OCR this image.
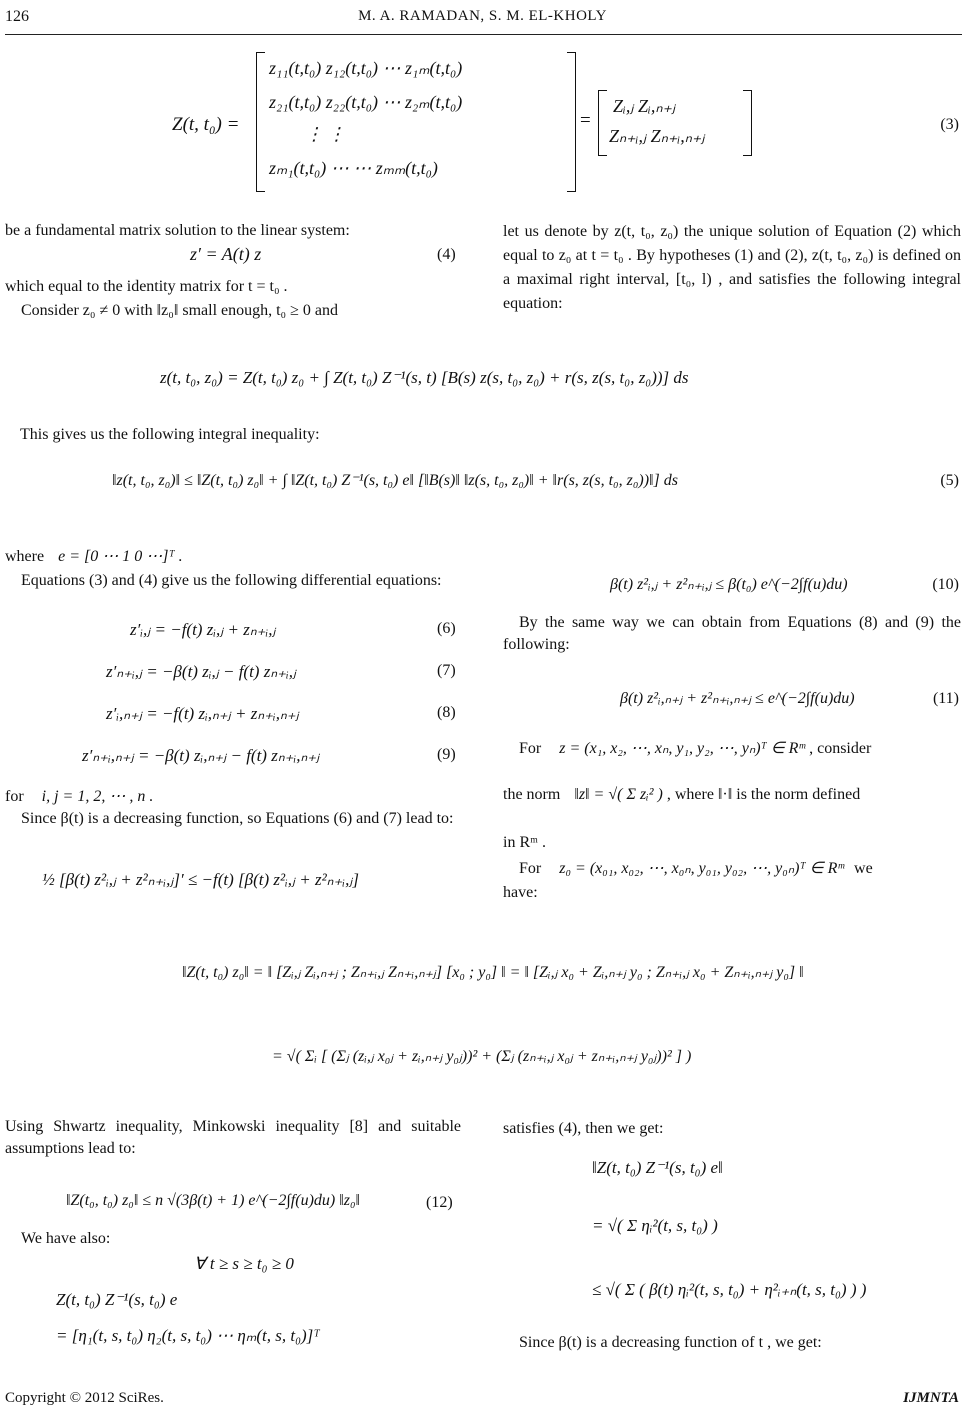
126	M. A. RAMADAN, S. M. EL-KHOLY
Z(t, t₀) =
z₁₁(t,t₀) z₁₂(t,t₀) ⋯ z₁ₘ(t,t₀)
z₂₁(t,t₀) z₂₂(t,t₀) ⋯ z₂ₘ(t,t₀)
⋮ ⋮
zₘ₁(t,t₀) ⋯ ⋯ zₘₘ(t,t₀)
=
Zᵢ,ⱼ Zᵢ,ₙ₊ⱼ
Zₙ₊ᵢ,ⱼ Zₙ₊ᵢ,ₙ₊ⱼ
(3)
be a fundamental matrix solution to the linear system:
z′ = A(t) z	(4)
which equal to the identity matrix for t = t₀ .
Consider z₀ ≠ 0 with ‖z₀‖ small enough, t₀ ≥ 0 and
let us denote by z(t, t₀, z₀) the unique solution of Equation (2) which equal to z₀ at t = t₀ . By hypotheses (1) and (2), z(t, t₀, z₀) is defined on a maximal right interval, [t₀, l) , and satisfies the following integral equation:
z(t, t₀, z₀) = Z(t, t₀) z₀ + ∫ Z(t, t₀) Z⁻¹(s, t) [B(s) z(s, t₀, z₀) + r(s, z(s, t₀, z₀))] ds
This gives us the following integral inequality:
‖z(t, t₀, z₀)‖ ≤ ‖Z(t, t₀) z₀‖ + ∫ ‖Z(t, t₀) Z⁻¹(s, t₀) e‖ [‖B(s)‖ ‖z(s, t₀, z₀)‖ + ‖r(s, z(s, t₀, z₀))‖] ds	(5)
where e = [0 ⋯ 1 0 ⋯]ᵀ .
Equations (3) and (4) give us the following differential equations:
z′ᵢ,ⱼ = −f(t) zᵢ,ⱼ + zₙ₊ᵢ,ⱼ	(6)
z′ₙ₊ᵢ,ⱼ = −β(t) zᵢ,ⱼ − f(t) zₙ₊ᵢ,ⱼ	(7)
z′ᵢ,ₙ₊ⱼ = −f(t) zᵢ,ₙ₊ⱼ + zₙ₊ᵢ,ₙ₊ⱼ	(8)
z′ₙ₊ᵢ,ₙ₊ⱼ = −β(t) zᵢ,ₙ₊ⱼ − f(t) zₙ₊ᵢ,ₙ₊ⱼ	(9)
for i, j = 1, 2, ⋯ , n .
Since β(t) is a decreasing function, so Equations (6) and (7) lead to:
½ [β(t) z²ᵢ,ⱼ + z²ₙ₊ᵢ,ⱼ]′ ≤ −f(t) [β(t) z²ᵢ,ⱼ + z²ₙ₊ᵢ,ⱼ]
β(t) z²ᵢ,ⱼ + z²ₙ₊ᵢ,ⱼ ≤ β(t₀) e^(−2∫f(u)du)	(10)
By the same way we can obtain from Equations (8) and (9) the following:
β(t) z²ᵢ,ₙ₊ⱼ + z²ₙ₊ᵢ,ₙ₊ⱼ ≤ e^(−2∫f(u)du)	(11)
For z = (x₁, x₂, ⋯, xₙ, y₁, y₂, ⋯, yₙ)ᵀ ∈ Rᵐ , consider
the norm ‖z‖ = √( Σ zᵢ² ) , where ‖·‖ is the norm defined
in Rᵐ .
For z₀ = (x₀₁, x₀₂, ⋯, x₀ₙ, y₀₁, y₀₂, ⋯, y₀ₙ)ᵀ ∈ Rᵐ we
have:
‖Z(t, t₀) z₀‖ = ‖ [Zᵢ,ⱼ Zᵢ,ₙ₊ⱼ ; Zₙ₊ᵢ,ⱼ Zₙ₊ᵢ,ₙ₊ⱼ] [x₀ ; y₀] ‖ = ‖ [Zᵢ,ⱼ x₀ + Zᵢ,ₙ₊ⱼ y₀ ; Zₙ₊ᵢ,ⱼ x₀ + Zₙ₊ᵢ,ₙ₊ⱼ y₀] ‖
= √( Σᵢ [ (Σⱼ (zᵢ,ⱼ x₀ⱼ + zᵢ,ₙ₊ⱼ y₀ⱼ))² + (Σⱼ (zₙ₊ᵢ,ⱼ x₀ⱼ + zₙ₊ᵢ,ₙ₊ⱼ y₀ⱼ))² ] )
Using Shwartz inequality, Minkowski inequality [8] and suitable assumptions lead to:
‖Z(t₀, t₀) z₀‖ ≤ n √(3β(t) + 1) e^(−2∫f(u)du) ‖z₀‖	(12)
We have also:
∀ t ≥ s ≥ t₀ ≥ 0
Z(t, t₀) Z⁻¹(s, t₀) e
= [η₁(t, s, t₀) η₂(t, s, t₀) ⋯ ηₘ(t, s, t₀)]ᵀ
satisfies (4), then we get:
‖Z(t, t₀) Z⁻¹(s, t₀) e‖
= √( Σ ηᵢ²(t, s, t₀) )
≤ √( Σ ( β(t) ηᵢ²(t, s, t₀) + η²ᵢ₊ₙ(t, s, t₀) ) )
Since β(t) is a decreasing function of t , we get:
Copyright © 2012 SciRes.	IJMNTA
